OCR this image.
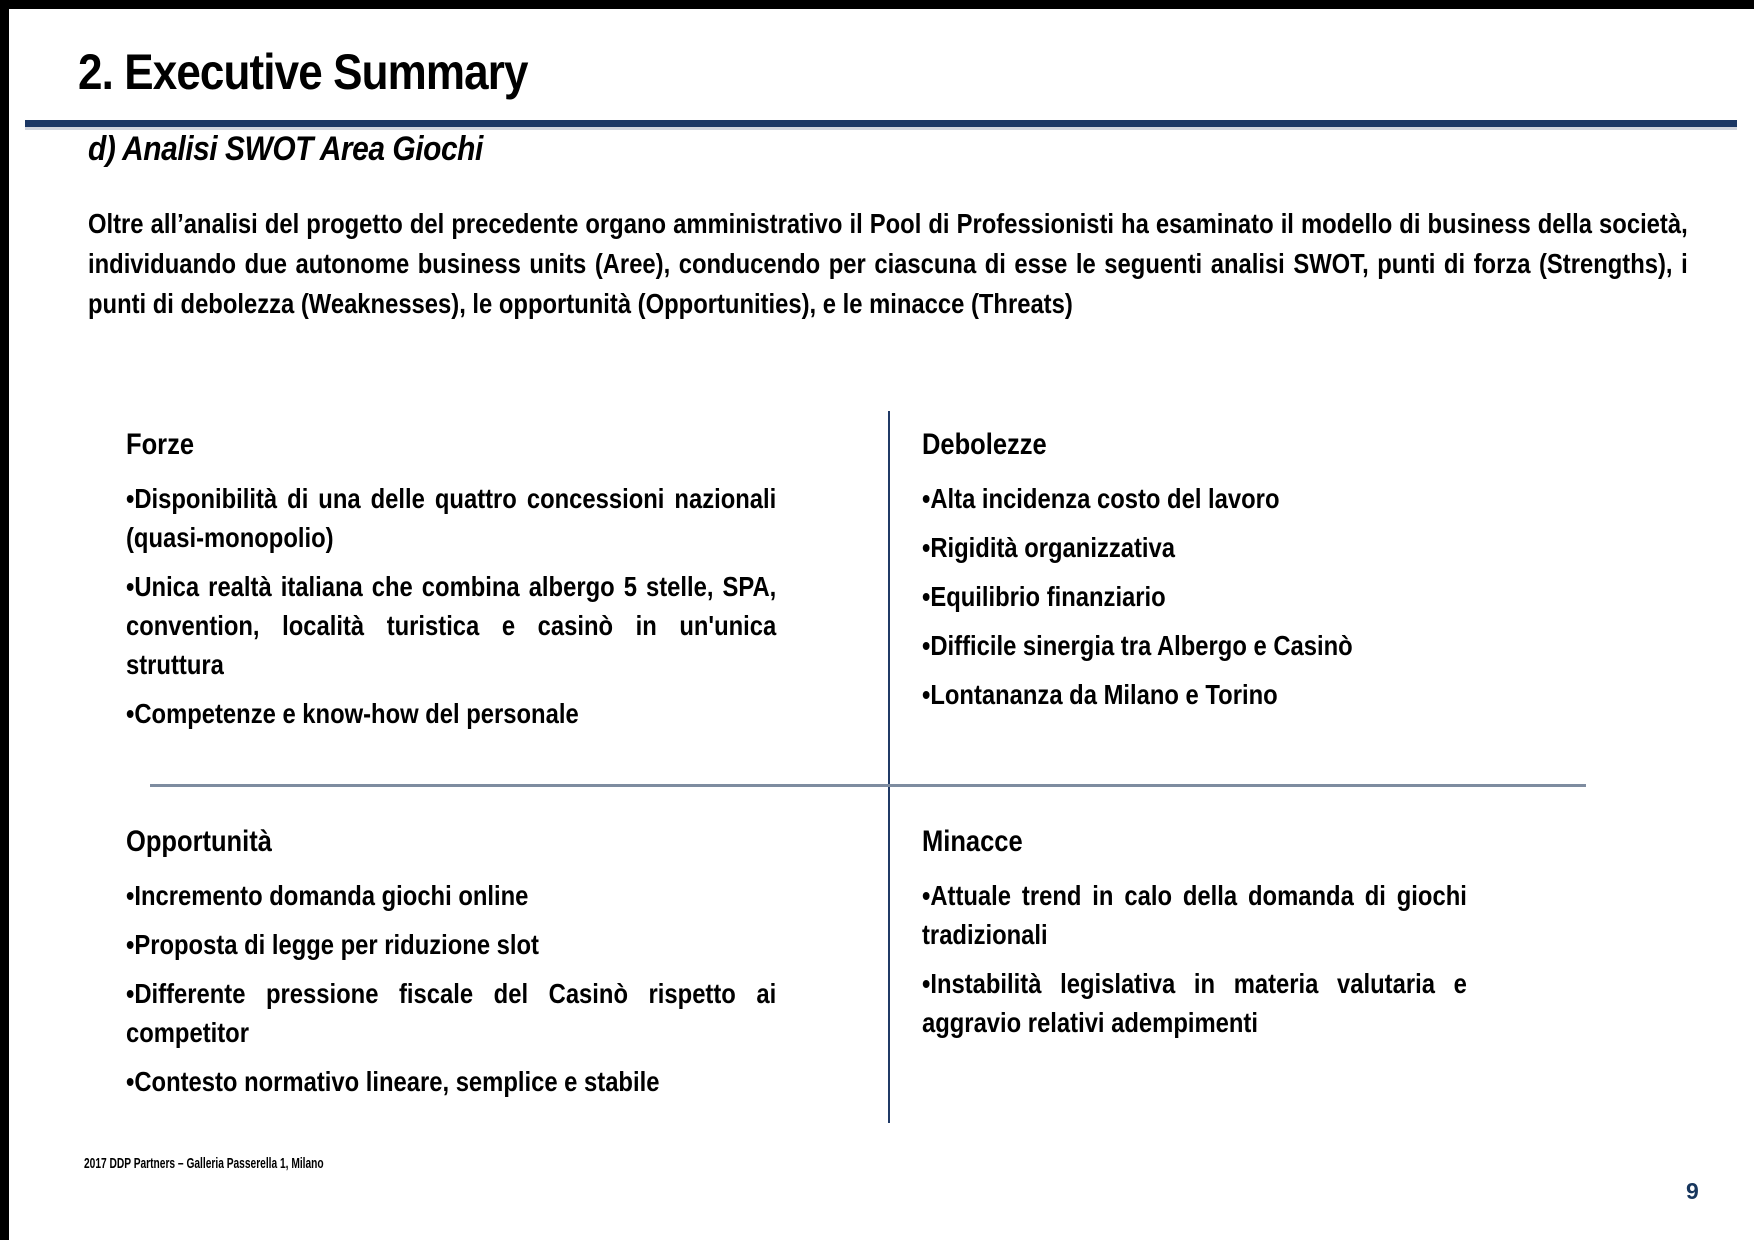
2. Executive Summary
d) Analisi SWOT Area Giochi

Oltre all’analisi del progetto del precedente organo amministrativo il Pool di Professionisti ha esaminato il modello di business della società, individuando due autonome business units (Aree), conducendo per ciascuna di esse le seguenti analisi SWOT, punti di forza (Strengths), i punti di debolezza (Weaknesses), le opportunità (Opportunities), e le minacce (Threats)

Forze

•Disponibilità di una delle quattro concessioni nazionali (quasi-monopolio)

•Unica realtà italiana che combina albergo 5 stelle, SPA, convention, località turistica e casinò in un'unica struttura

•Competenze e know-how del personale

Debolezze

•Alta incidenza costo del lavoro

•Rigidità organizzativa

•Equilibrio finanziario

•Difficile sinergia tra Albergo e Casinò

•Lontananza da Milano e Torino

Opportunità

•Incremento domanda giochi online

•Proposta di legge per riduzione slot

•Differente pressione fiscale del Casinò rispetto ai competitor

•Contesto normativo lineare, semplice e stabile

Minacce

•Attuale trend in calo della domanda di giochi tradizionali

•Instabilità legislativa in materia valutaria e aggravio relativi adempimenti

2017 DDP Partners – Galleria Passerella 1, Milano

9
